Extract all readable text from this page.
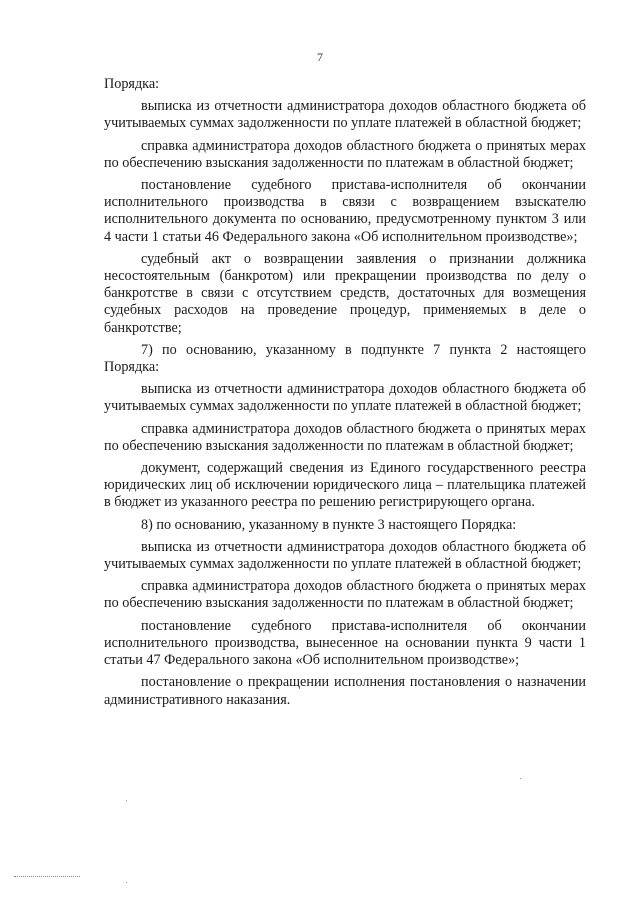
7

Порядка:

выписка из отчетности администратора доходов областного бюджета об учитываемых суммах задолженности по уплате платежей в областной бюджет;

справка администратора доходов областного бюджета о принятых мерах по обеспечению взыскания задолженности по платежам в областной бюджет;

постановление судебного пристава-исполнителя об окончании исполнительного производства в связи с возвращением взыскателю исполнительного документа по основанию, предусмотренному пунктом 3 или 4 части 1 статьи 46 Федерального закона «Об исполнительном производстве»;

судебный акт о возвращении заявления о признании должника несостоятельным (банкротом) или прекращении производства по делу о банкротстве в связи с отсутствием средств, достаточных для возмещения судебных расходов на проведение процедур, применяемых в деле о банкротстве;

7) по основанию, указанному в подпункте 7 пункта 2 настоящего Порядка:

выписка из отчетности администратора доходов областного бюджета об учитываемых суммах задолженности по уплате платежей в областной бюджет;

справка администратора доходов областного бюджета о принятых мерах по обеспечению взыскания задолженности по платежам в областной бюджет;

документ, содержащий сведения из Единого государственного реестра юридических лиц об исключении юридического лица – плательщика платежей в бюджет из указанного реестра по решению регистрирующего органа.

8) по основанию, указанному в пункте 3 настоящего Порядка:

выписка из отчетности администратора доходов областного бюджета об учитываемых суммах задолженности по уплате платежей в областной бюджет;

справка администратора доходов областного бюджета о принятых мерах по обеспечению взыскания задолженности по платежам в областной бюджет;

постановление судебного пристава-исполнителя об окончании исполнительного производства, вынесенное на основании пункта 9 части 1 статьи 47 Федерального закона «Об исполнительном производстве»;

постановление о прекращении исполнения постановления о назначении административного наказания.
